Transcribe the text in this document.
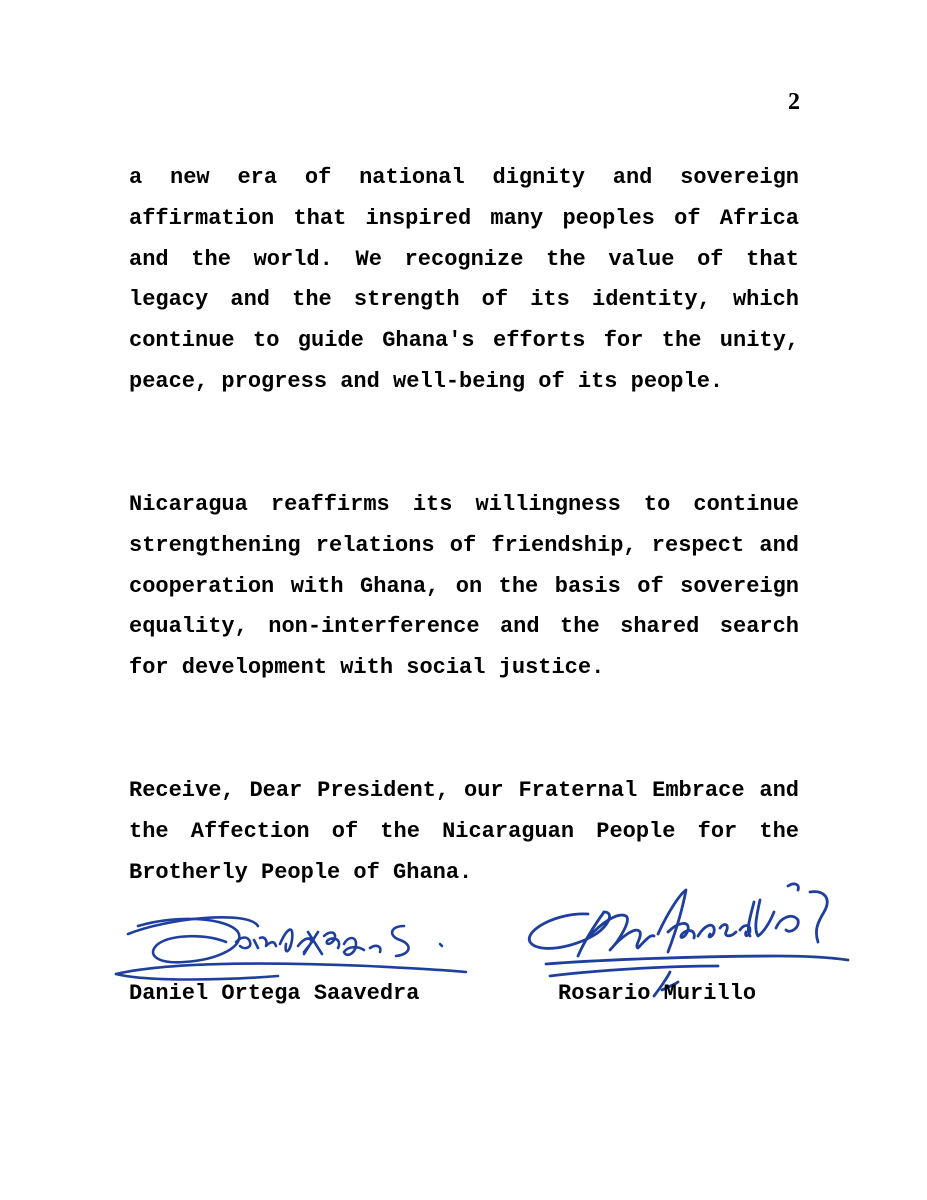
2

a new era of national dignity and sovereign affirmation that inspired many peoples of Africa and the world. We recognize the value of that legacy and the strength of its identity, which continue to guide Ghana's efforts for the unity, peace, progress and well-being of its people.

Nicaragua reaffirms its willingness to continue strengthening relations of friendship, respect and cooperation with Ghana, on the basis of sovereign equality, non-interference and the shared search for development with social justice.

Receive, Dear President, our Fraternal Embrace and the Affection of the Nicaraguan People for the Brotherly People of Ghana.

Daniel Ortega Saavedra	Rosario Murillo
